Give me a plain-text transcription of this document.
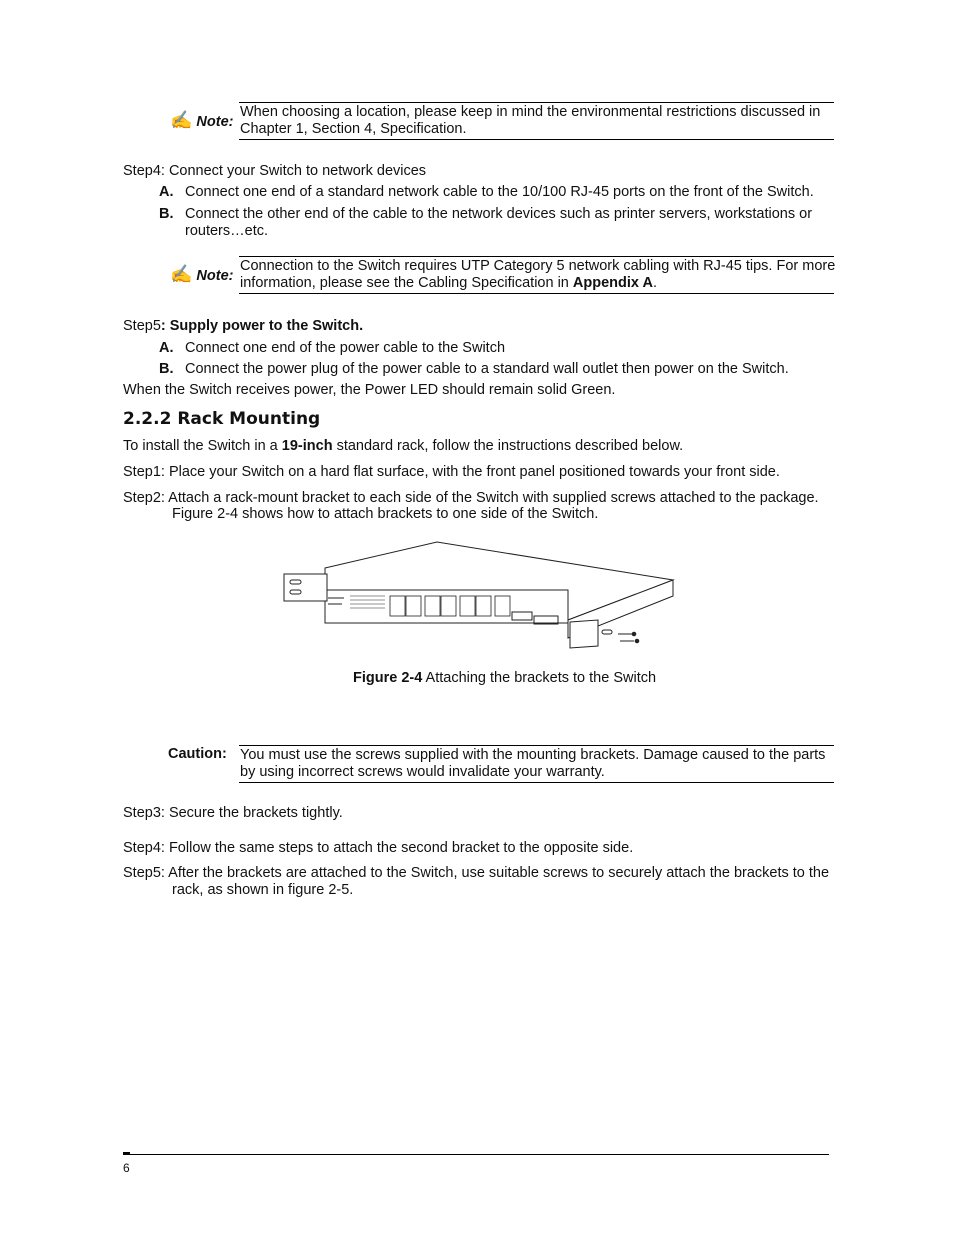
✍ Note:
When choosing a location, please keep in mind the environmental restrictions discussed in
Chapter 1, Section 4, Specification.
Step4: Connect your Switch to network devices
A. Connect one end of a standard network cable to the 10/100 RJ-45 ports on the front of the Switch.
B. Connect the other end of the cable to the network devices such as printer servers, workstations or
routers…etc.
✍ Note:
Connection to the Switch requires UTP Category 5 network cabling with RJ-45 tips. For more
information, please see the Cabling Specification in Appendix A.
Step5: Supply power to the Switch.
A. Connect one end of the power cable to the Switch
B. Connect the power plug of the power cable to a standard wall outlet then power on the Switch.
When the Switch receives power, the Power LED should remain solid Green.
2.2.2 Rack Mounting
To install the Switch in a 19-inch standard rack, follow the instructions described below.
Step1: Place your Switch on a hard flat surface, with the front panel positioned towards your front side.
Step2: Attach a rack-mount bracket to each side of the Switch with supplied screws attached to the package.
Figure 2-4 shows how to attach brackets to one side of the Switch.
Figure 2-4 Attaching the brackets to the Switch
Caution: You must use the screws supplied with the mounting brackets. Damage caused to the parts
by using incorrect screws would invalidate your warranty.
Step3: Secure the brackets tightly.
Step4: Follow the same steps to attach the second bracket to the opposite side.
Step5: After the brackets are attached to the Switch, use suitable screws to securely attach the brackets to the
rack, as shown in figure 2-5.
6
